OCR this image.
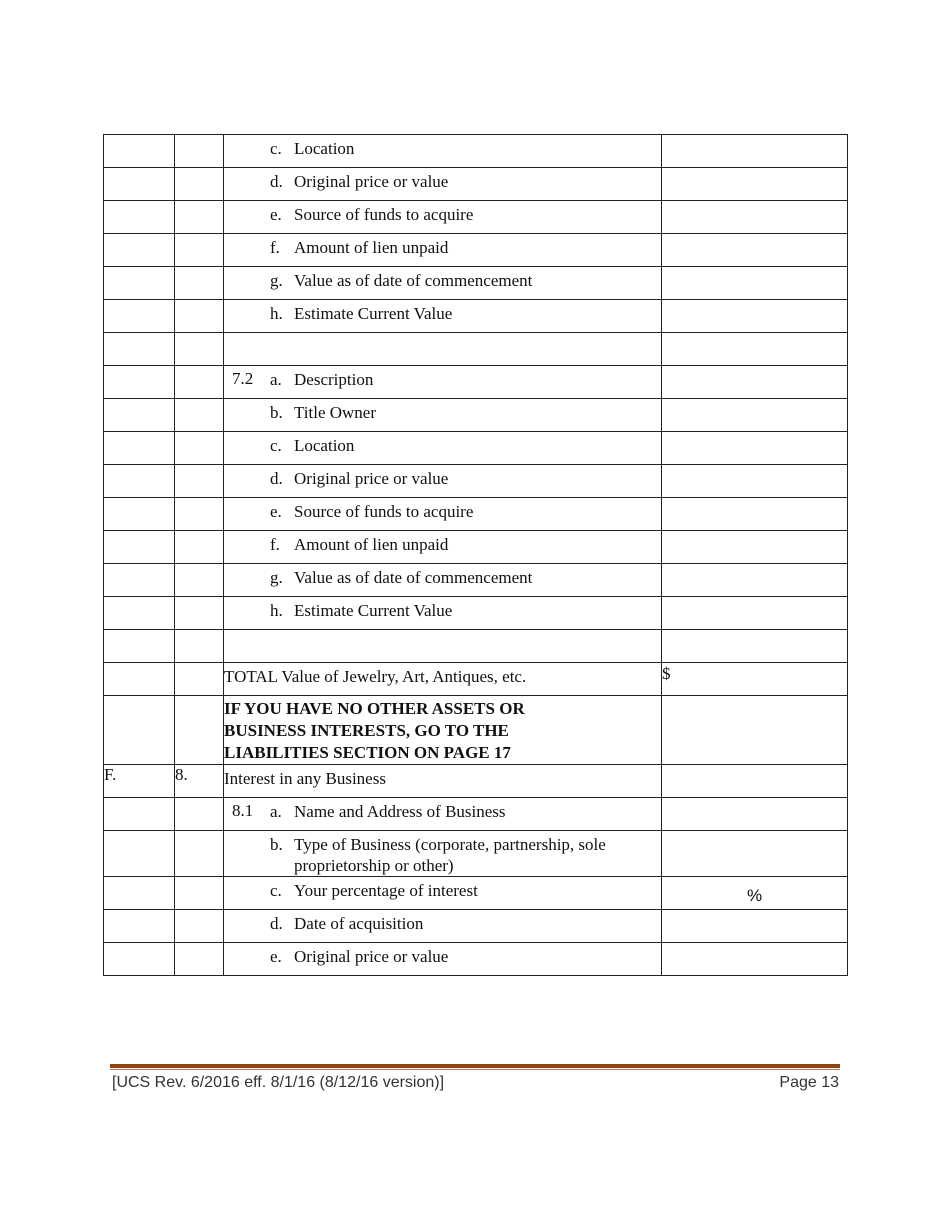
		c. Location	

		d. Original price or value	

		e. Source of funds to acquire	

		f. Amount of lien unpaid	

		g. Value as of date of commencement	

		h. Estimate Current Value	

		7.2 a. Description	

		b. Title Owner	

		c. Location	

		d. Original price or value	

		e. Source of funds to acquire	

		f. Amount of lien unpaid	

		g. Value as of date of commencement	

		h. Estimate Current Value	

		TOTAL Value of Jewelry, Art, Antiques, etc.	$

		IF YOU HAVE NO OTHER ASSETS OR BUSINESS INTERESTS, GO TO THE LIABILITIES SECTION ON PAGE 17	

F.	8.	Interest in any Business	

		8.1 a. Name and Address of Business	

		b. Type of Business (corporate, partnership, sole proprietorship or other)	

		c. Your percentage of interest	%

		d. Date of acquisition	

		e. Original price or value	

[UCS Rev. 6/2016 eff. 8/1/16 (8/12/16 version)]	Page 13
